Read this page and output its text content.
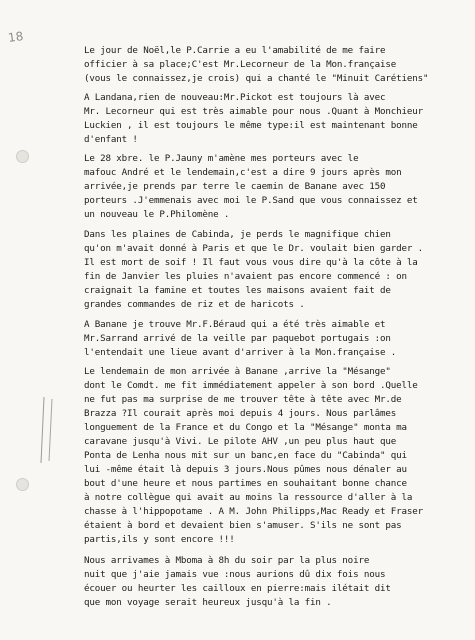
18
Le jour de Noël,le P.Carrie a eu l'amabilité de me faire
officier à sa place;C'est Mr.Lecorneur de la Mon.française
(vous le connaissez,je crois) qui a chanté le "Minuit Carétiens"
A Landana,rien de nouveau:Mr.Pickot est toujours là avec
Mr. Lecorneur qui est très aimable pour nous .Quant à Monchieur
Luckien , il est toujours le même type:il est maintenant bonne
d'enfant !
Le 28 xbre. le P.Jauny m'amène mes porteurs avec le
mafouc André et le lendemain,c'est a dire 9 jours après mon
arrivée,je prends par terre le caemin de Banane avec 150
porteurs .J'emmenais avec moi le P.Sand que vous connaissez et
un nouveau le P.Philomène .
Dans les plaines de Cabinda, je perds le magnifique chien
qu'on m'avait donné à Paris et que le Dr. voulait bien garder .
Il est mort de soif ! Il faut vous vous dire qu'à la côte à la
fin de Janvier les pluies n'avaient pas encore commencé : on
craignait la famine et toutes les maisons avaient fait de
grandes commandes de riz et de haricots .
A Banane je trouve Mr.F.Béraud qui a été très aimable et
Mr.Sarrand arrivé de la veille par paquebot portugais :on
l'entendait une lieue avant d'arriver à la Mon.française .
Le lendemain de mon arrivée à Banane ,arrive la "Mésange"
dont le Comdt. me fit immédiatement appeler à son bord .Quelle
ne fut pas ma surprise de me trouver tête à tête avec Mr.de
Brazza ?Il courait après moi depuis 4 jours. Nous parlâmes
longuement de la France et du Congo et la "Mésange" monta ma
caravane jusqu'à Vivi. Le pilote AHV ,un peu plus haut que
Ponta de Lenha nous mit sur un banc,en face du "Cabinda" qui
lui -même était là depuis 3 jours.Nous pûmes nous dénaler au
bout d'une heure et nous partimes en souhaitant bonne chance
à notre collègue qui avait au moins la ressource d'aller à la
chasse à l'hippopotame . A M. John Philipps,Mac Ready et Fraser
étaient à bord et devaient bien s'amuser. S'ils ne sont pas
partis,ils y sont encore !!!
Nous arrivames à Mboma à 8h du soir par la plus noire
nuit que j'aie jamais vue :nous aurions dû dix fois nous
écouer ou heurter les cailloux en pierre:mais ilétait dit
que mon voyage serait heureux jusqu'à la fin .
